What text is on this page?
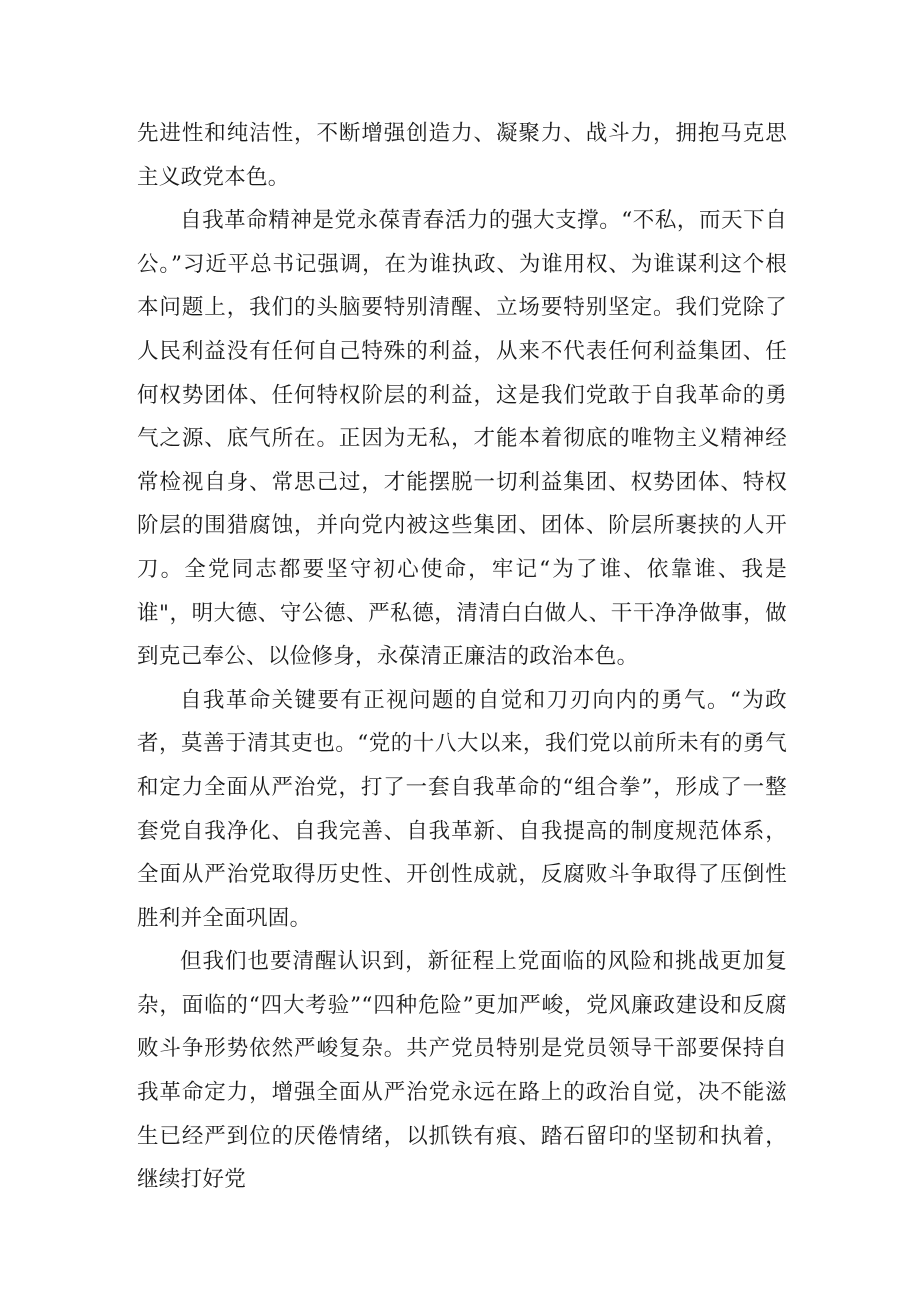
先进性和纯洁性，不断增强创造力、凝聚力、战斗力，拥抱马克思主义政党本色。

自我革命精神是党永葆青春活力的强大支撑。“不私，而天下自公。”习近平总书记强调，在为谁执政、为谁用权、为谁谋利这个根本问题上，我们的头脑要特别清醒、立场要特别坚定。我们党除了人民利益没有任何自己特殊的利益，从来不代表任何利益集团、任何权势团体、任何特权阶层的利益，这是我们党敢于自我革命的勇气之源、底气所在。正因为无私，才能本着彻底的唯物主义精神经常检视自身、常思己过，才能摆脱一切利益集团、权势团体、特权阶层的围猎腐蚀，并向党内被这些集团、团体、阶层所裹挟的人开刀。全党同志都要坚守初心使命，牢记“为了谁、依靠谁、我是谁"，明大德、守公德、严私德，清清白白做人、干干净净做事，做到克己奉公、以俭修身，永葆清正廉洁的政治本色。

自我革命关键要有正视问题的自觉和刀刃向内的勇气。“为政者，莫善于清其吏也。“党的十八大以来，我们党以前所未有的勇气和定力全面从严治党，打了一套自我革命的“组合拳”，形成了一整套党自我净化、自我完善、自我革新、自我提高的制度规范体系，全面从严治党取得历史性、开创性成就，反腐败斗争取得了压倒性胜利并全面巩固。

但我们也要清醒认识到，新征程上党面临的风险和挑战更加复杂，面临的“四大考验”“四种危险”更加严峻，党风廉政建设和反腐败斗争形势依然严峻复杂。共产党员特别是党员领导干部要保持自我革命定力，增强全面从严治党永远在路上的政治自觉，决不能滋生已经严到位的厌倦情绪，以抓铁有痕、踏石留印的坚韧和执着，继续打好党
